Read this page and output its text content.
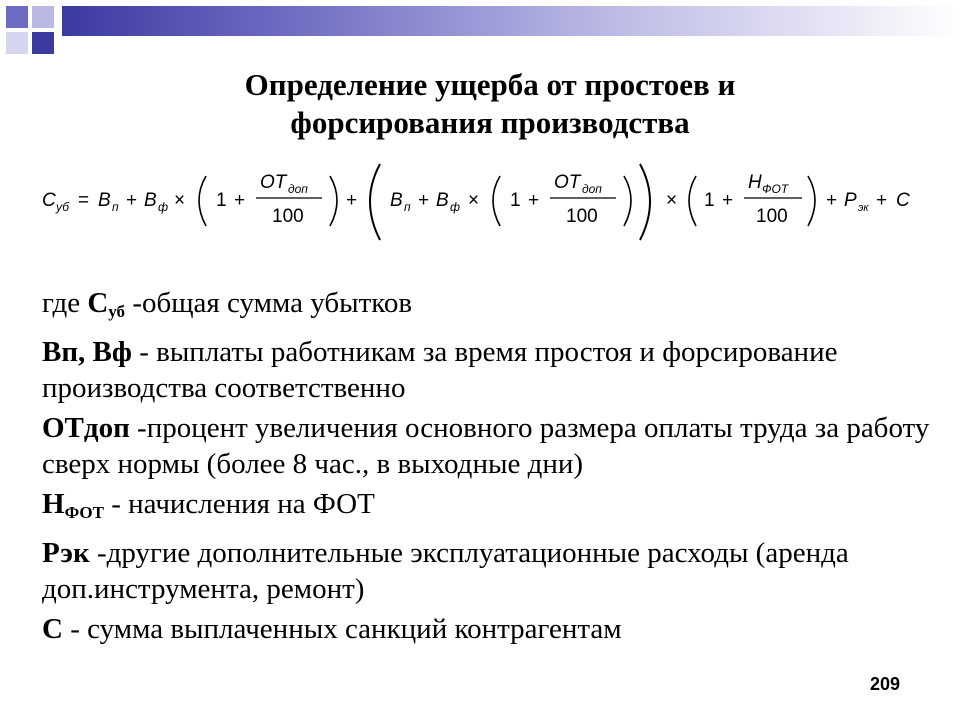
Определение ущерба от простоев и
форсирования производства
С уб = В п + В ф × 1 +
ОТ доп
100
+ В п + В ф × 1 +
ОТ доп
100
× 1 +
Н ФОТ
100
+ Р эк + С

где $С_{уб}$ -общая сумма убытков

Вп, Вф - выплаты работникам за время простоя и форсирование производства соответственно

ОТдоп -процент увеличения основного размера оплаты труда за работу сверх нормы (более 8 час., в выходные дни)

$Н_{ФОТ}$ - начисления на ФОТ

Рэк -другие дополнительные эксплуатационные расходы (аренда доп.инструмента, ремонт)

С - сумма выплаченных санкций контрагентам

209
